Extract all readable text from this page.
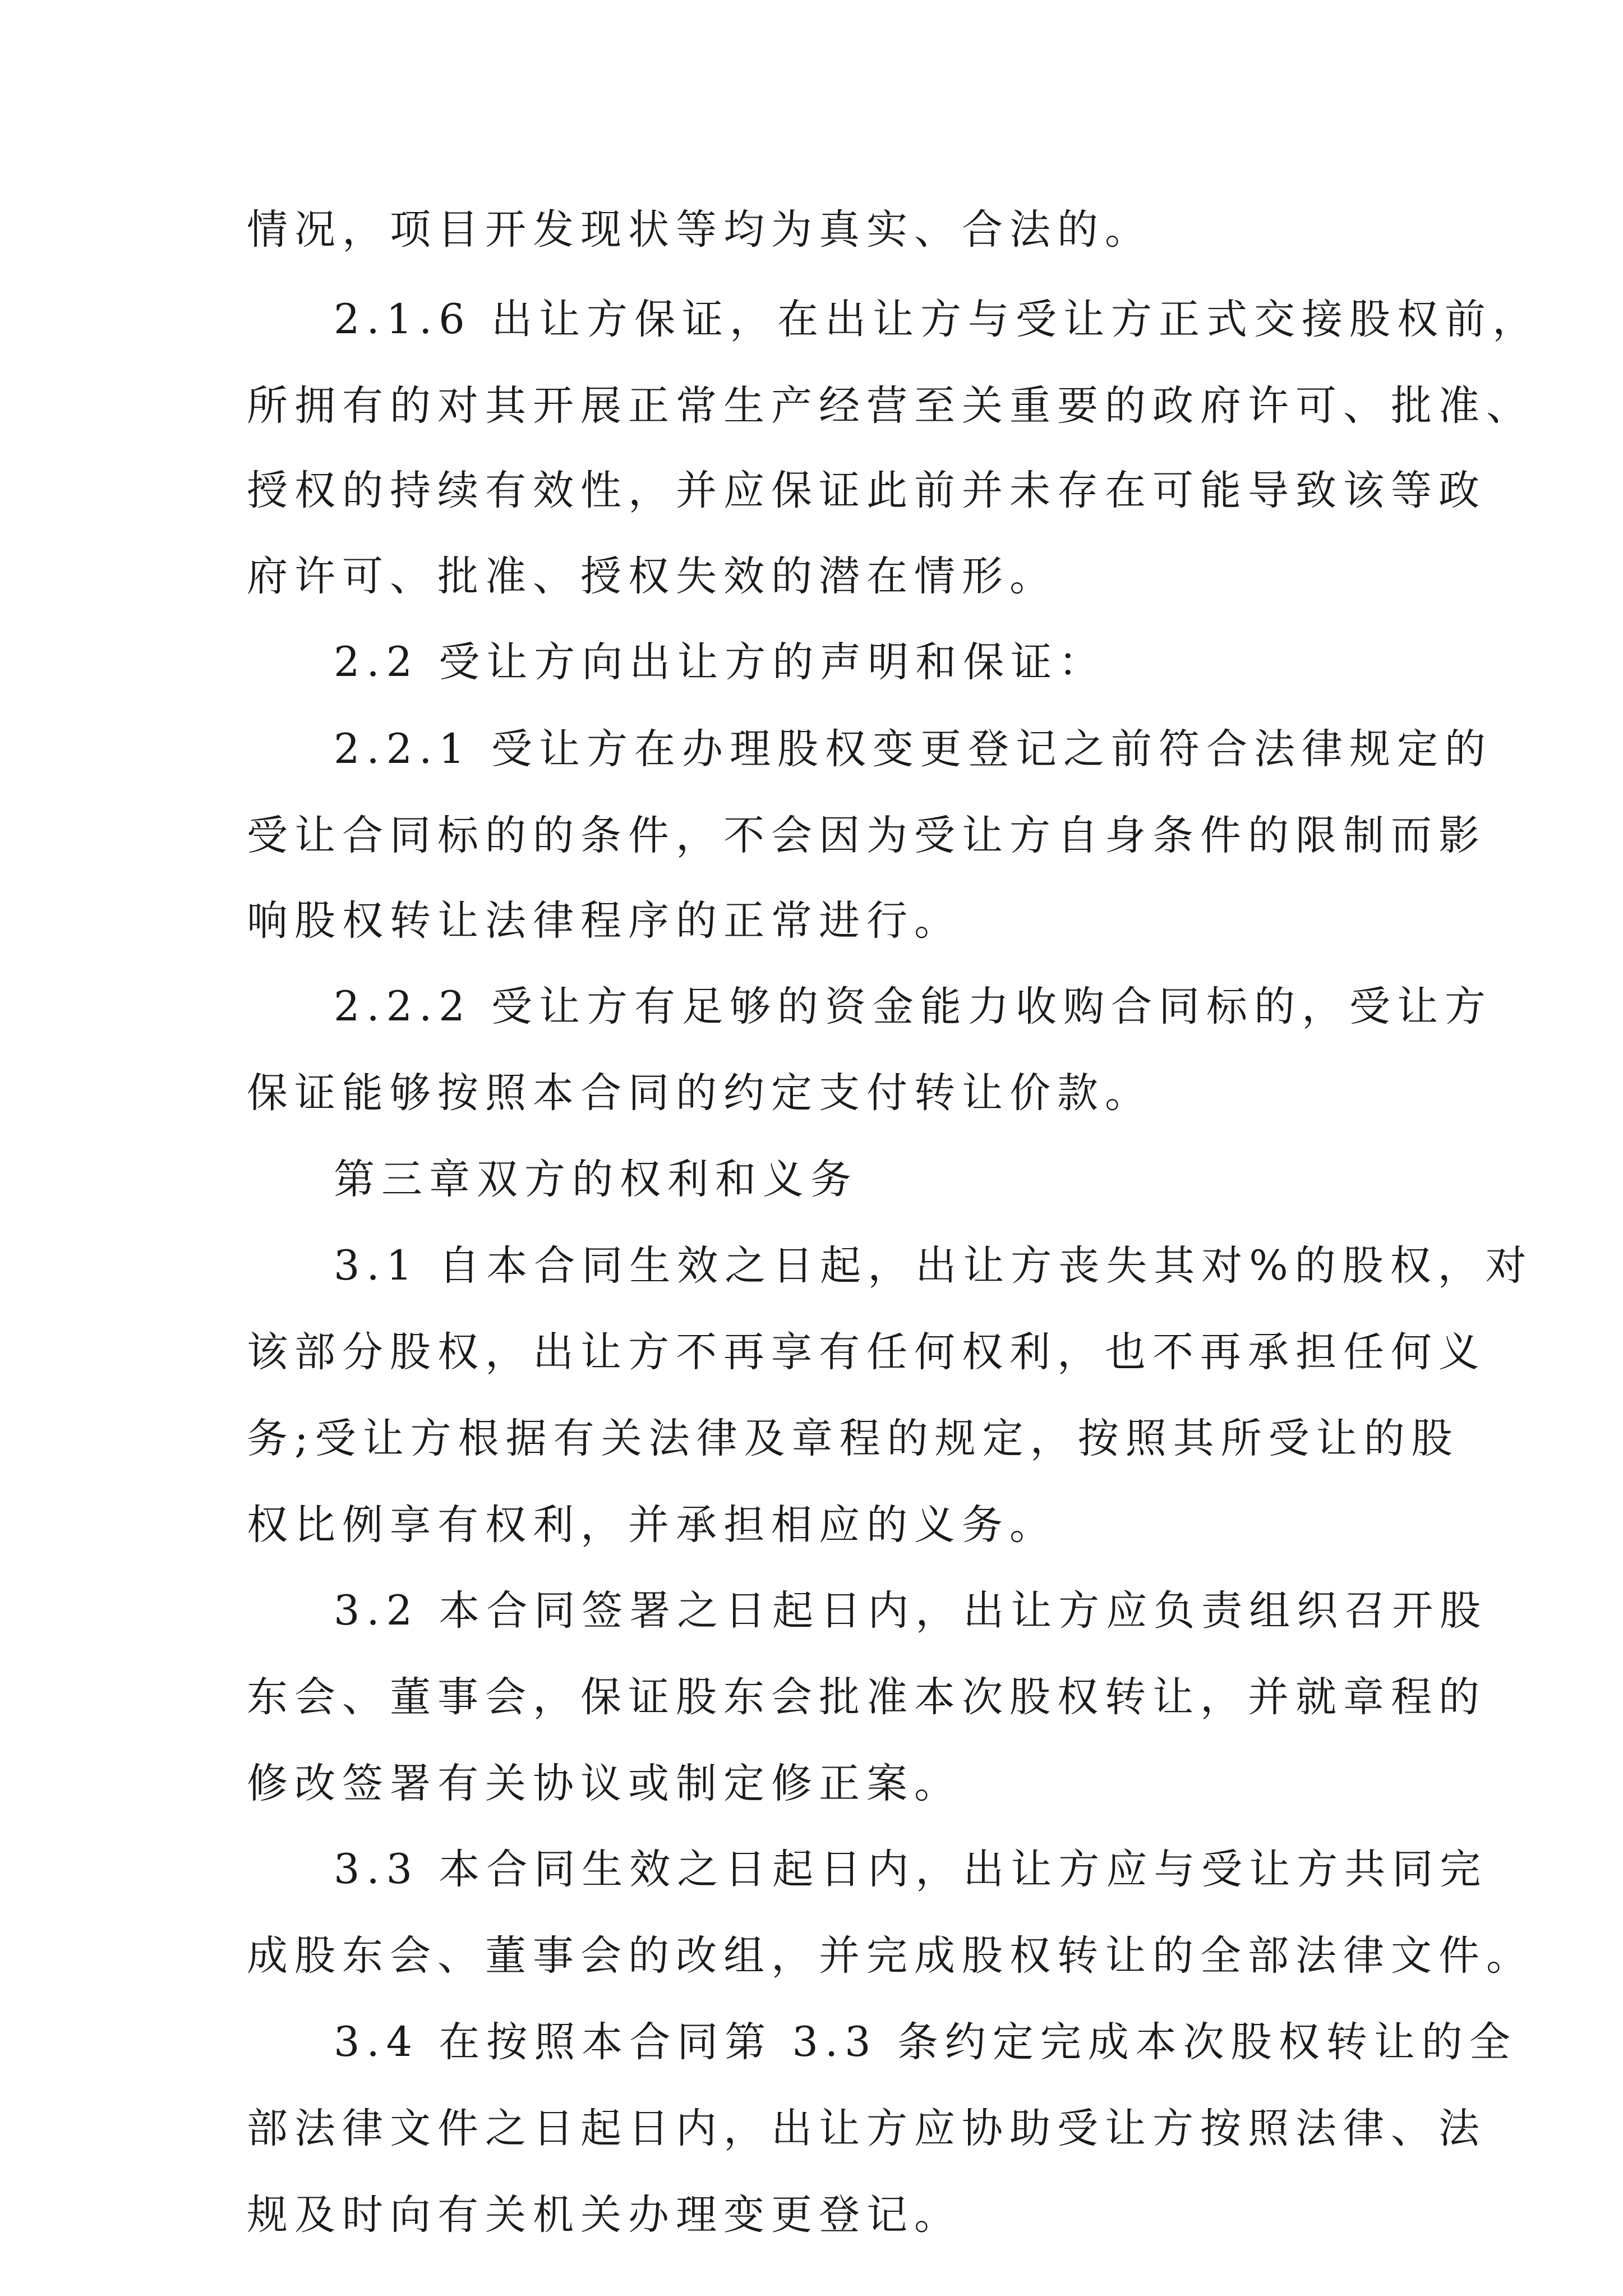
情况，项目开发现状等均为真实、合法的。
2.1.6 出让方保证，在出让方与受让方正式交接股权前，
所拥有的对其开展正常生产经营至关重要的政府许可、批准、
授权的持续有效性，并应保证此前并未存在可能导致该等政
府许可、批准、授权失效的潜在情形。
2.2 受让方向出让方的声明和保证：
2.2.1 受让方在办理股权变更登记之前符合法律规定的
受让合同标的的条件，不会因为受让方自身条件的限制而影
响股权转让法律程序的正常进行。
2.2.2 受让方有足够的资金能力收购合同标的，受让方
保证能够按照本合同的约定支付转让价款。
第三章双方的权利和义务
3.1 自本合同生效之日起，出让方丧失其对%的股权，对
该部分股权，出让方不再享有任何权利，也不再承担任何义
务;受让方根据有关法律及章程的规定，按照其所受让的股
权比例享有权利，并承担相应的义务。
3.2 本合同签署之日起日内，出让方应负责组织召开股
东会、董事会，保证股东会批准本次股权转让，并就章程的
修改签署有关协议或制定修正案。
3.3 本合同生效之日起日内，出让方应与受让方共同完
成股东会、董事会的改组，并完成股权转让的全部法律文件。
3.4 在按照本合同第 3.3 条约定完成本次股权转让的全
部法律文件之日起日内，出让方应协助受让方按照法律、法
规及时向有关机关办理变更登记。
